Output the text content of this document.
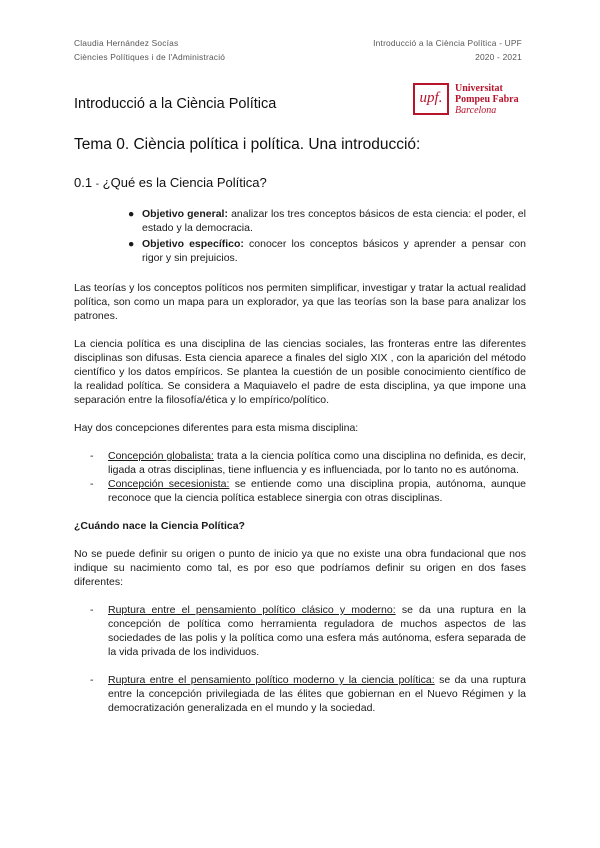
Claudia Hernández Socías
Ciències Polítiques i de l'Administració
Introducció a la Ciència Política - UPF
2020 - 2021
Introducció a la Ciència Política	upf.
Universitat
Pompeu Fabra
Barcelona
Tema 0. Ciència política i política. Una introducció:
0.1 - ¿Qué es la Ciencia Política?
● Objetivo general: analizar los tres conceptos básicos de esta ciencia: el poder, el estado y la democracia.
● Objetivo específico: conocer los conceptos básicos y aprender a pensar con rigor y sin prejuicios.

Las teorías y los conceptos políticos nos permiten simplificar, investigar y tratar la actual realidad política, son como un mapa para un explorador, ya que las teorías son la base para analizar los patrones.

La ciencia política es una disciplina de las ciencias sociales, las fronteras entre las diferentes disciplinas son difusas. Esta ciencia aparece a finales del siglo XIX , con la aparición del método científico y los datos empíricos. Se plantea la cuestión de un posible conocimiento científico de la realidad política. Se considera a Maquiavelo el padre de esta disciplina, ya que impone una separación entre la filosofía/ética y lo empírico/político.

Hay dos concepciones diferentes para esta misma disciplina:

- Concepción globalista: trata a la ciencia política como una disciplina no definida, es decir, ligada a otras disciplinas, tiene influencia y es influenciada, por lo tanto no es autónoma.
- Concepción secesionista: se entiende como una disciplina propia, autónoma, aunque reconoce que la ciencia política establece sinergia con otras disciplinas.

¿Cuándo nace la Ciencia Política?

No se puede definir su origen o punto de inicio ya que no existe una obra fundacional que nos indique su nacimiento como tal, es por eso que podríamos definir su origen en dos fases diferentes:

- Ruptura entre el pensamiento político clásico y moderno: se da una ruptura en la concepción de política como herramienta reguladora de muchos aspectos de las sociedades de las polis y la política como una esfera más autónoma, esfera separada de la vida privada de los individuos.
- Ruptura entre el pensamiento político moderno y la ciencia política: se da una ruptura entre la concepción privilegiada de las élites que gobiernan en el Nuevo Régimen y la democratización generalizada en el mundo y la sociedad.
